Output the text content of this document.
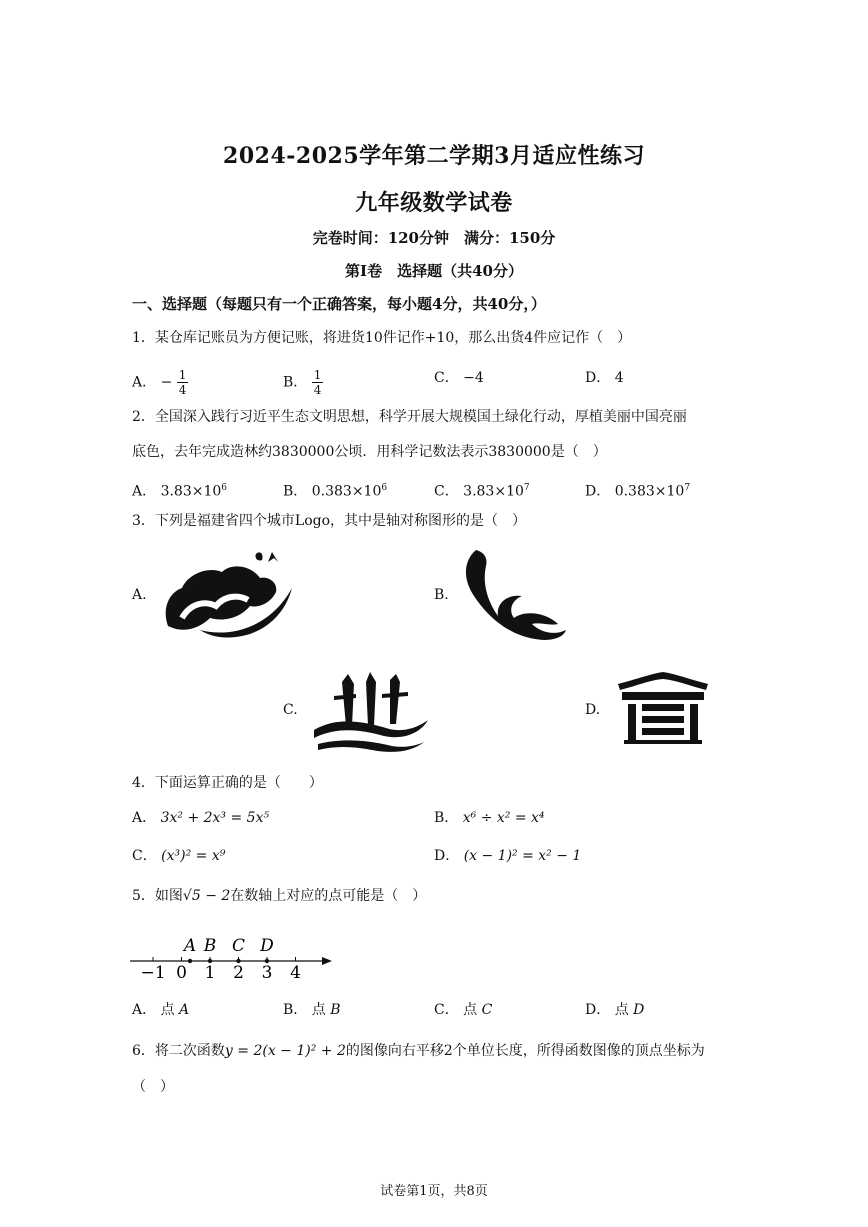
2024-2025学年第二学期3月适应性练习
九年级数学试卷
完卷时间：120分钟　满分：150分
第Ⅰ卷　选择题（共40分）
一、选择题（每题只有一个正确答案，每小题4分，共40分，）
1．某仓库记账员为方便记账，将进货10件记作+10，那么出货4件应记作（　）
A． − $\frac{1}{4}$	B． $\frac{1}{4}$	C． −4	D． 4
2．全国深入践行习近平生态文明思想，科学开展大规模国土绿化行动，厚植美丽中国亮丽
底色，去年完成造林约3830000公顷．用科学记数法表示3830000是（　）
A． $3.83\times 10^6$	B． $0.383\times 10^6$	C． $3.83\times 10^7$	D． $0.383\times 10^7$
3．下列是福建省四个城市Logo，其中是轴对称图形的是（　）
A.	B.
C.	D.
4．下面运算正确的是（　　）
A． 3x² + 2x³ = 5x⁵	B． x⁶ ÷ x² = x⁴
C． (x³)² = x⁹	D． (x − 1)² = x² − 1
5．如图√5 − 2在数轴上对应的点可能是（　）
−1 0 1 2 3 4
A B C D
A． 点 A	B． 点 B	C． 点 C	D． 点 D
6．将二次函数y = 2(x − 1)² + 2的图像向右平移2个单位长度，所得函数图像的顶点坐标为
（　）
试卷第1页，共8页
